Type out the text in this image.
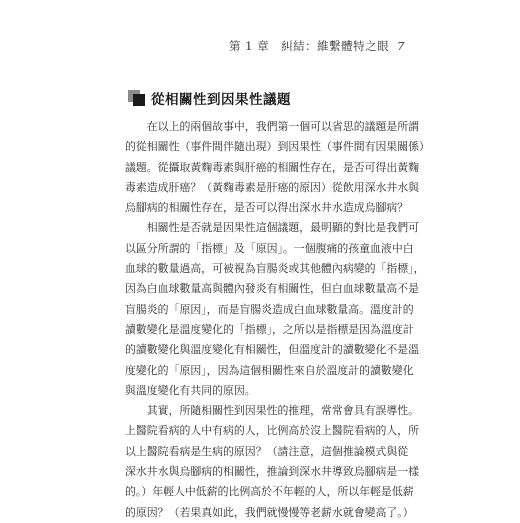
第 1 章　糾結：維繫體特之眼 7
從相關性到因果性議題
　　在以上的兩個故事中，我們第一個可以省思的議題是所謂
的從相關性（事件間伴隨出現）到因果性（事件間有因果關係）
議題。從攝取黃麴毒素與肝癌的相關性存在，是否可得出黃麴
毒素造成肝癌？（黃麴毒素是肝癌的原因）從飲用深水井水與
烏腳病的相關性存在，是否可以得出深水井水造成烏腳病？
　　相關性是否就是因果性這個議題，最明顯的對比是我們可
以區分所謂的「指標」及「原因」。一個腹痛的孩童血液中白
血球的數量過高，可被視為盲腸炎或其他體內病變的「指標」，
因為白血球數量高與體內發炎有相關性，但白血球數量高不是
盲腸炎的「原因」，而是盲腸炎造成白血球數量高。溫度計的
讀數變化是溫度變化的「指標」，之所以是指標是因為溫度計
的讀數變化與溫度變化有相關性，但溫度計的讀數變化不是溫
度變化的「原因」，因為這個相關性來自於溫度計的讀數變化
與溫度變化有共同的原因。
　　其實，所隨相關性到因果性的推理，常常會具有誤導性。
上醫院看病的人中有病的人，比例高於沒上醫院看病的人，所
以上醫院看病是生病的原因？（請注意，這個推論模式與從
深水井水與烏腳病的相關性，推論到深水井導致烏腳病是一樣
的。）年輕人中低薪的比例高於不年輕的人，所以年輕是低薪
的原因？（若果真如此，我們就慢慢等老薪水就會變高了。）
